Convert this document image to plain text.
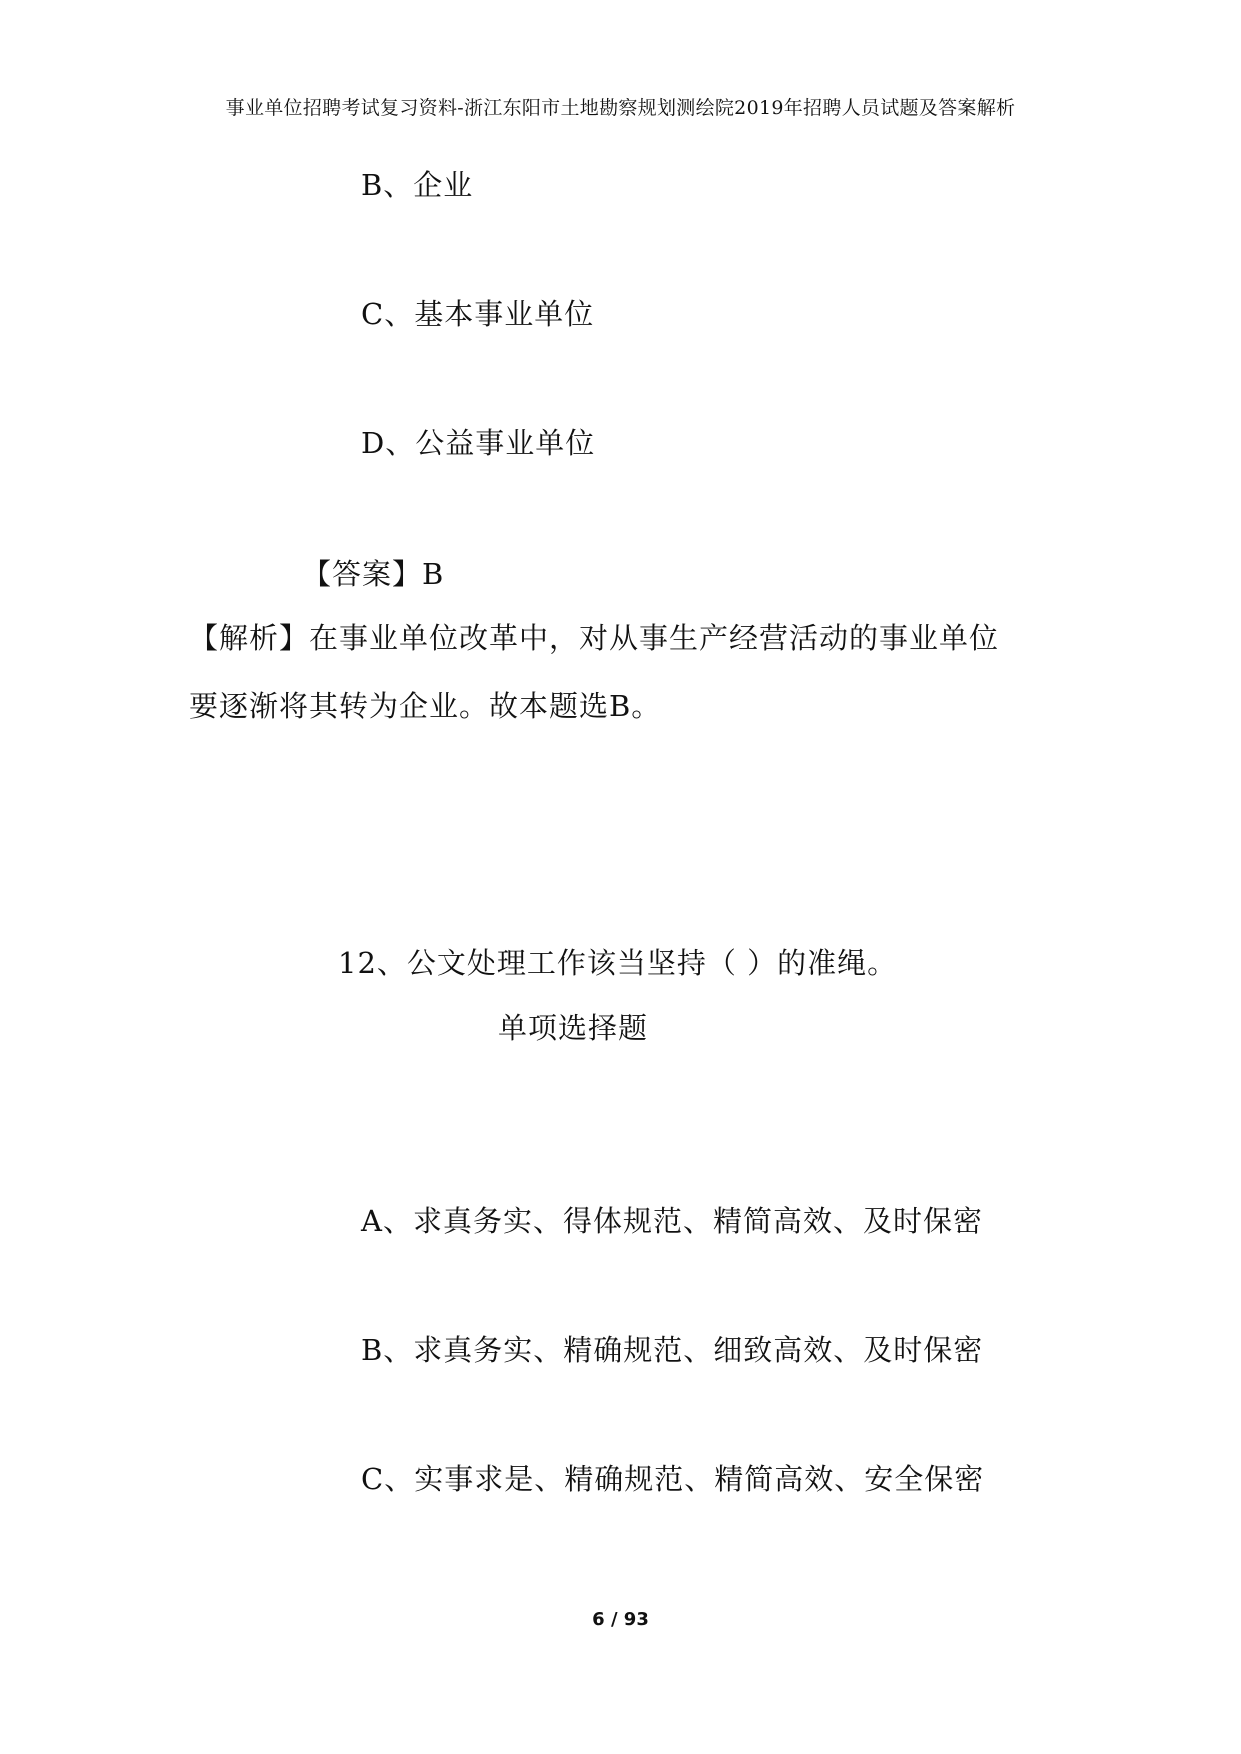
事业单位招聘考试复习资料-浙江东阳市土地勘察规划测绘院2019年招聘人员试题及答案解析
B、企业
C、基本事业单位
D、公益事业单位
【答案】B
【解析】在事业单位改革中，对从事生产经营活动的事业单位
要逐渐将其转为企业。故本题选B。
12、公文处理工作该当坚持（ ）的准绳。
单项选择题
A、求真务实、得体规范、精简高效、及时保密
B、求真务实、精确规范、细致高效、及时保密
C、实事求是、精确规范、精简高效、安全保密
6 / 93
